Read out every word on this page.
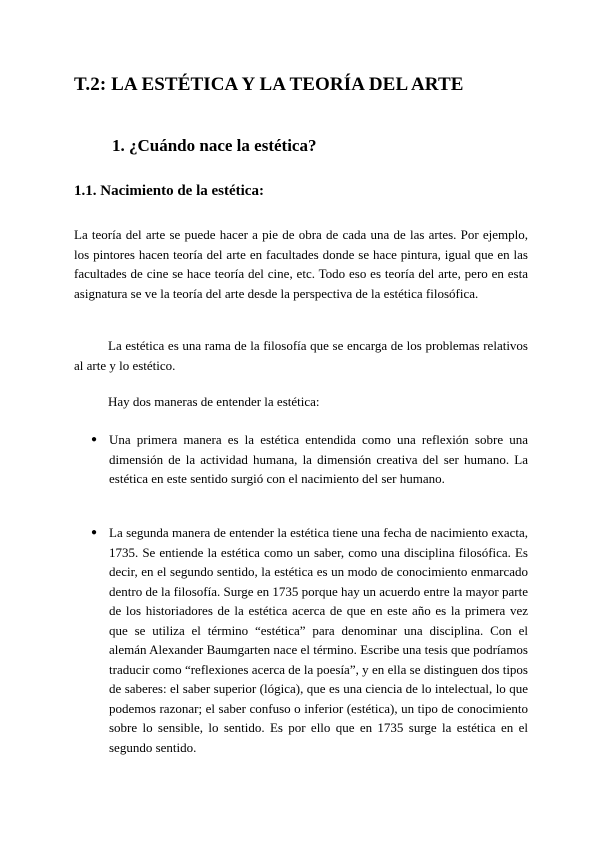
T.2: LA ESTÉTICA Y LA TEORÍA DEL ARTE
1. ¿Cuándo nace la estética?
1.1. Nacimiento de la estética:

La teoría del arte se puede hacer a pie de obra de cada una de las artes. Por ejemplo, los pintores hacen teoría del arte en facultades donde se hace pintura, igual que en las facultades de cine se hace teoría del cine, etc. Todo eso es teoría del arte, pero en esta asignatura se ve la teoría del arte desde la perspectiva de la estética filosófica.

La estética es una rama de la filosofía que se encarga de los problemas relativos al arte y lo estético.

Hay dos maneras de entender la estética:

● Una primera manera es la estética entendida como una reflexión sobre una dimensión de la actividad humana, la dimensión creativa del ser humano. La estética en este sentido surgió con el nacimiento del ser humano.
● La segunda manera de entender la estética tiene una fecha de nacimiento exacta, 1735. Se entiende la estética como un saber, como una disciplina filosófica. Es decir, en el segundo sentido, la estética es un modo de conocimiento enmarcado dentro de la filosofía. Surge en 1735 porque hay un acuerdo entre la mayor parte de los historiadores de la estética acerca de que en este año es la primera vez que se utiliza el término “estética” para denominar una disciplina. Con el alemán Alexander Baumgarten nace el término. Escribe una tesis que podríamos traducir como “reflexiones acerca de la poesía”, y en ella se distinguen dos tipos de saberes: el saber superior (lógica), que es una ciencia de lo intelectual, lo que podemos razonar; el saber confuso o inferior (estética), un tipo de conocimiento sobre lo sensible, lo sentido. Es por ello que en 1735 surge la estética en el segundo sentido.
